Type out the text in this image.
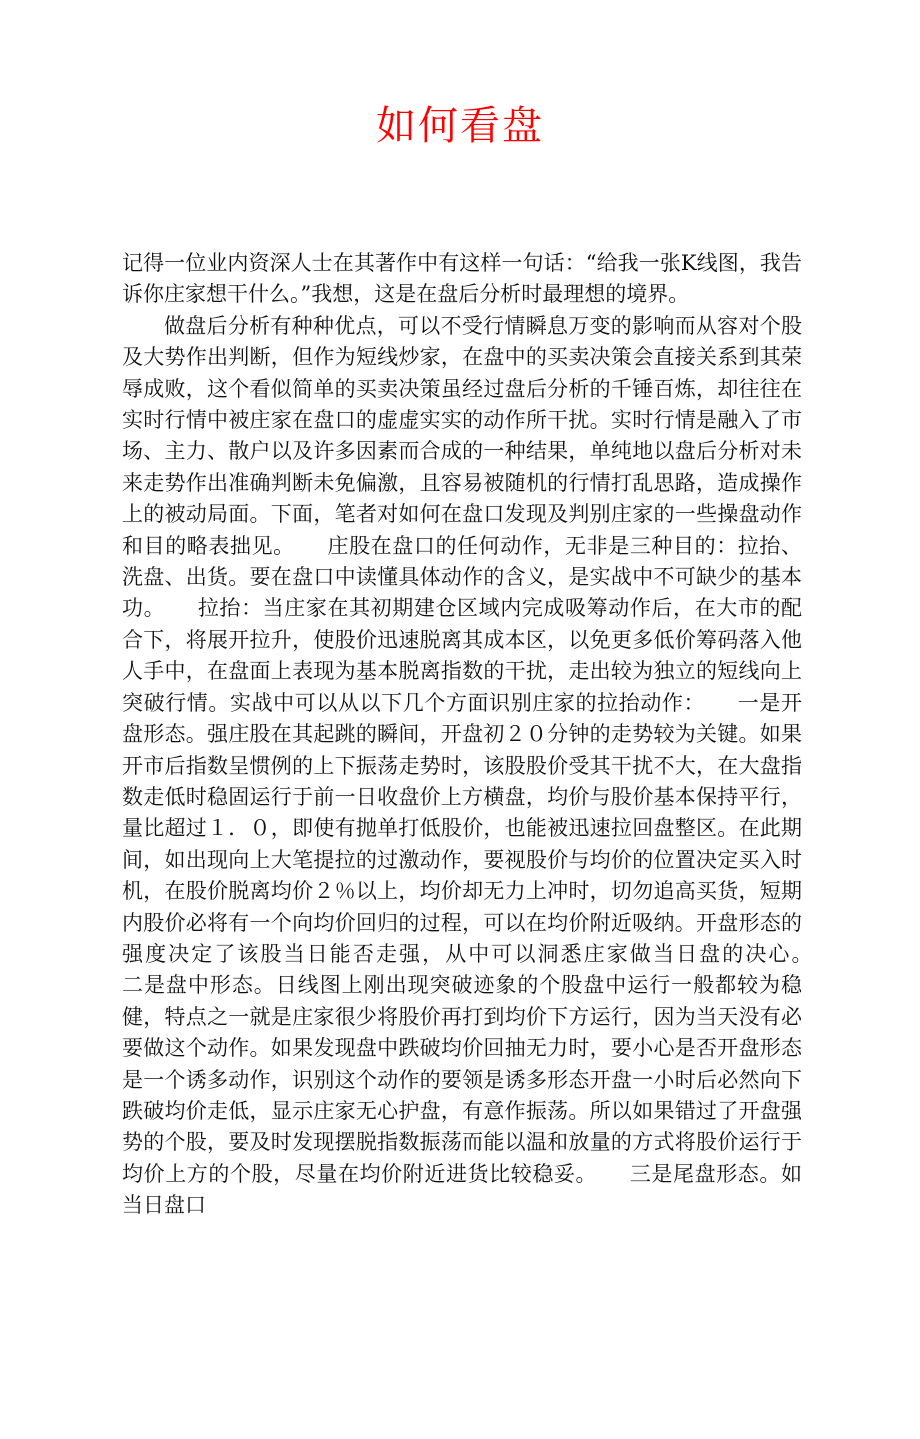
如何看盘

记得一位业内资深人士在其著作中有这样一句话：“给我一张K线图，我告诉你庄家想干什么。”我想，这是在盘后分析时最理想的境界。

做盘后分析有种种优点，可以不受行情瞬息万变的影响而从容对个股及大势作出判断，但作为短线炒家，在盘中的买卖决策会直接关系到其荣辱成败，这个看似简单的买卖决策虽经过盘后分析的千锤百炼，却往往在实时行情中被庄家在盘口的虚虚实实的动作所干扰。实时行情是融入了市场、主力、散户以及许多因素而合成的一种结果，单纯地以盘后分析对未来走势作出准确判断未免偏激，且容易被随机的行情打乱思路，造成操作上的被动局面。下面，笔者对如何在盘口发现及判别庄家的一些操盘动作和目的略表拙见。　　庄股在盘口的任何动作，无非是三种目的：拉抬、洗盘、出货。要在盘口中读懂具体动作的含义，是实战中不可缺少的基本功。　　拉抬：当庄家在其初期建仓区域内完成吸筹动作后，在大市的配合下，将展开拉升，使股价迅速脱离其成本区，以免更多低价筹码落入他人手中，在盘面上表现为基本脱离指数的干扰，走出较为独立的短线向上突破行情。实战中可以从以下几个方面识别庄家的拉抬动作：　　一是开盘形态。强庄股在其起跳的瞬间，开盘初２０分钟的走势较为关键。如果开市后指数呈惯例的上下振荡走势时，该股股价受其干扰不大，在大盘指数走低时稳固运行于前一日收盘价上方横盘，均价与股价基本保持平行，量比超过１．０，即使有抛单打低股价，也能被迅速拉回盘整区。在此期间，如出现向上大笔提拉的过激动作，要视股价与均价的位置决定买入时机，在股价脱离均价２％以上，均价却无力上冲时，切勿追高买货，短期内股价必将有一个向均价回归的过程，可以在均价附近吸纳。开盘形态的强度决定了该股当日能否走强，从中可以洞悉庄家做当日盘的决心。　　二是盘中形态。日线图上刚出现突破迹象的个股盘中运行一般都较为稳健，特点之一就是庄家很少将股价再打到均价下方运行，因为当天没有必要做这个动作。如果发现盘中跌破均价回抽无力时，要小心是否开盘形态是一个诱多动作，识别这个动作的要领是诱多形态开盘一小时后必然向下跌破均价走低，显示庄家无心护盘，有意作振荡。所以如果错过了开盘强势的个股，要及时发现摆脱指数振荡而能以温和放量的方式将股价运行于均价上方的个股，尽量在均价附近进货比较稳妥。　　三是尾盘形态。如当日盘口
